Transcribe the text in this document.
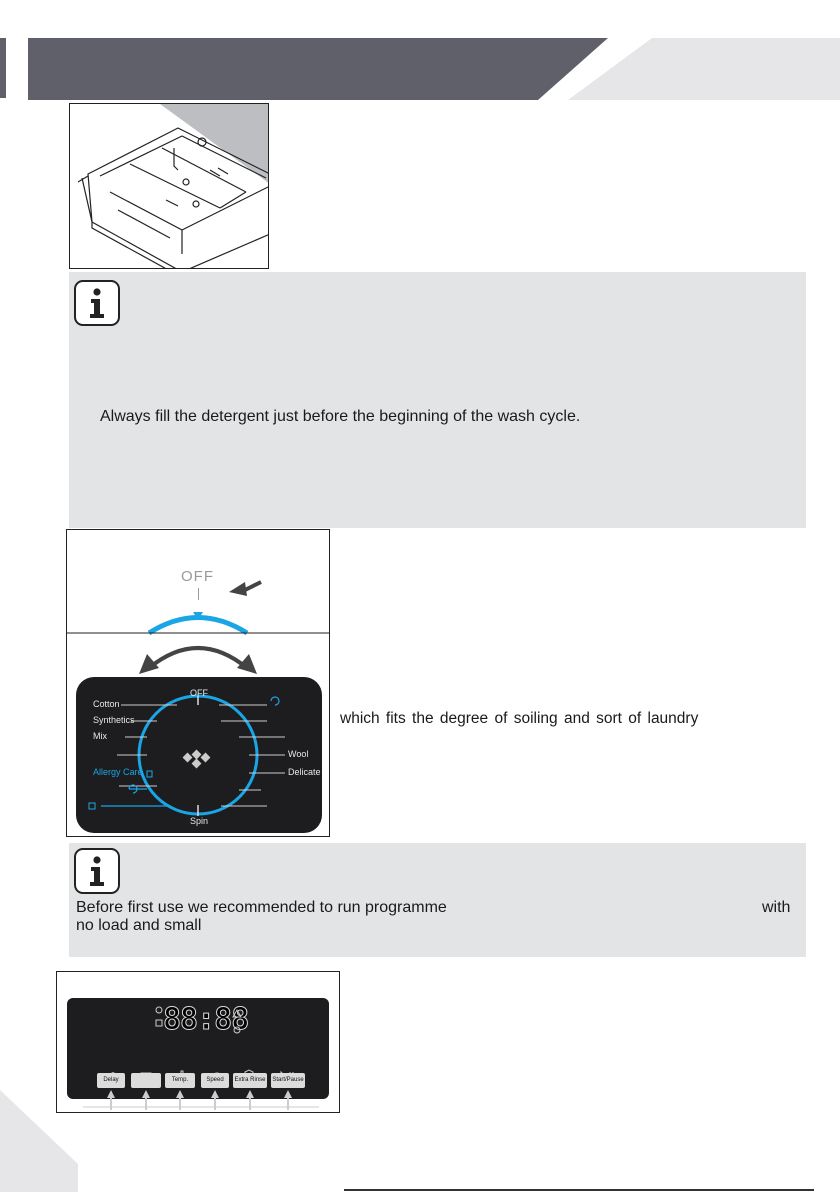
Always fill the detergent just before the beginning of the wash cycle.
OFF
OFF
Spin
Cotton
Synthetics
Mix
Allergy Care
Wool
Delicate
which fits the degree of soiling and sort of laundry
Before first use we recommended to run programme	with
no load and small
88:88
Delay	Temp.	Speed	Extra Rinse Start/Pause
